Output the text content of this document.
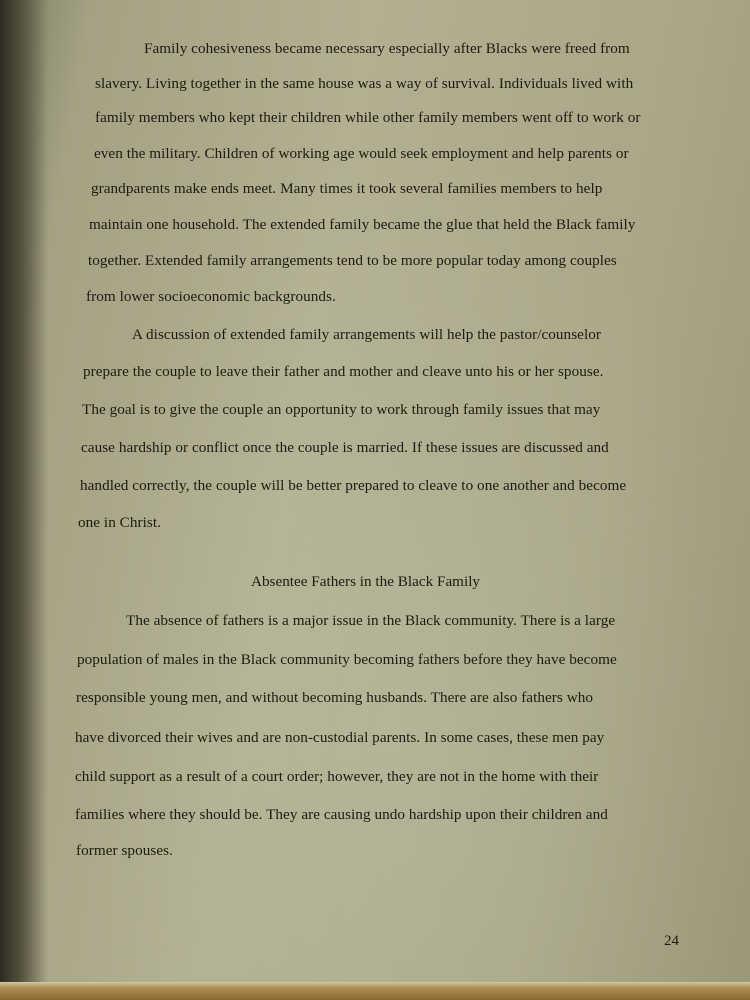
Family cohesiveness became necessary especially after Blacks were freed from
slavery. Living together in the same house was a way of survival. Individuals lived with
family members who kept their children while other family members went off to work or
even the military. Children of working age would seek employment and help parents or
grandparents make ends meet. Many times it took several families members to help
maintain one household. The extended family became the glue that held the Black family
together. Extended family arrangements tend to be more popular today among couples
from lower socioeconomic backgrounds.
A discussion of extended family arrangements will help the pastor/counselor
prepare the couple to leave their father and mother and cleave unto his or her spouse.
The goal is to give the couple an opportunity to work through family issues that may
cause hardship or conflict once the couple is married. If these issues are discussed and
handled correctly, the couple will be better prepared to cleave to one another and become
one in Christ.
Absentee Fathers in the Black Family
The absence of fathers is a major issue in the Black community. There is a large
population of males in the Black community becoming fathers before they have become
responsible young men, and without becoming husbands. There are also fathers who
have divorced their wives and are non-custodial parents. In some cases, these men pay
child support as a result of a court order; however, they are not in the home with their
families where they should be. They are causing undo hardship upon their children and
former spouses.
24
